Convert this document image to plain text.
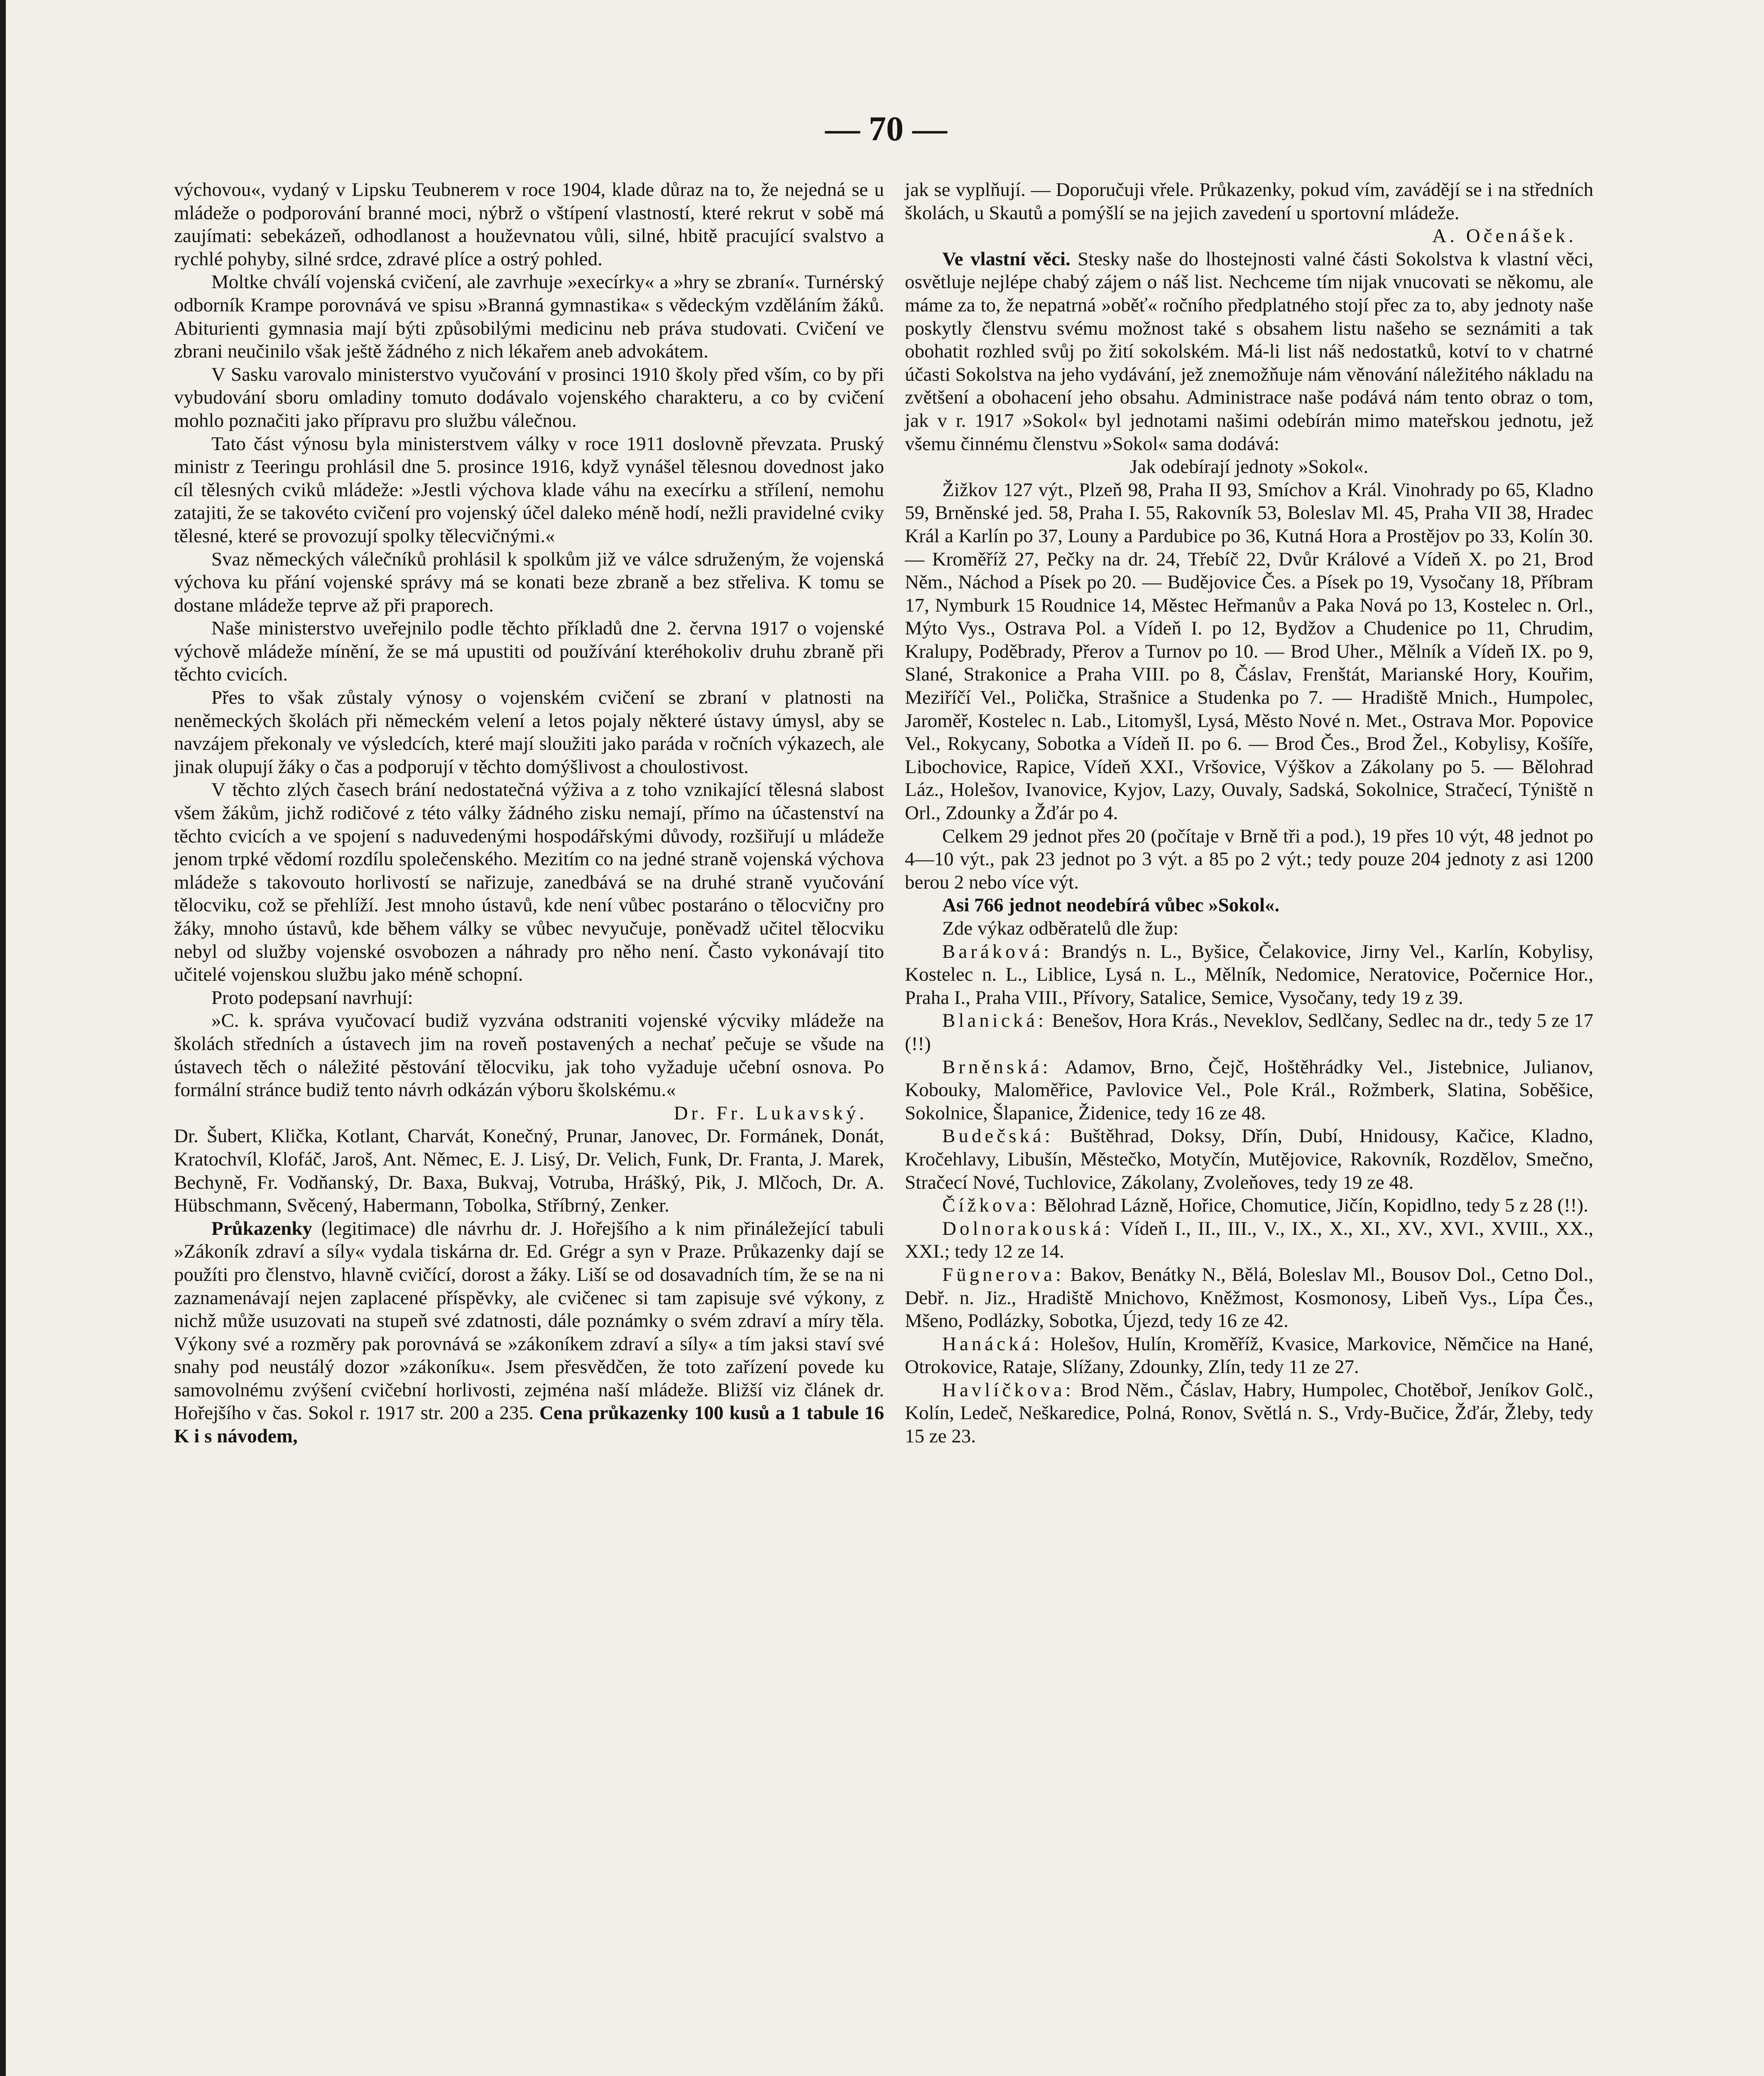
— 70 —

výchovou«, vydaný v Lipsku Teubnerem v roce 1904, klade důraz na to, že nejedná se u mládeže o podporování branné moci, nýbrž o vštípení vlastností, které rekrut v sobě má zaujímati: sebekázeň, odhodlanost a houževnatou vůli, silné, hbitě pracující svalstvo a rychlé pohyby, silné srdce, zdravé plíce a ostrý pohled.

Moltke chválí vojenská cvičení, ale zavrhuje »execírky« a »hry se zbraní«. Turnérský odborník Krampe porovnává ve spisu »Branná gymnastika« s vědeckým vzděláním žáků. Abiturienti gymnasia mají býti způsobilými medicinu neb práva studovati. Cvičení ve zbrani neučinilo však ještě žádného z nich lékařem aneb advokátem.

V Sasku varovalo ministerstvo vyučování v prosinci 1910 školy před vším, co by při vybudování sboru omladiny tomuto dodávalo vojenského charakteru, a co by cvičení mohlo poznačiti jako přípravu pro službu válečnou.

Tato část výnosu byla ministerstvem války v roce 1911 doslovně převzata. Pruský ministr z Teeringu prohlásil dne 5. prosince 1916, když vynášel tělesnou dovednost jako cíl tělesných cviků mládeže: »Jestli výchova klade váhu na execírku a střílení, nemohu zatajiti, že se takovéto cvičení pro vojenský účel daleko méně hodí, nežli pravidelné cviky tělesné, které se provozují spolky tělecvičnými.«

Svaz německých válečníků prohlásil k spolkům již ve válce sdruženým, že vojenská výchova ku přání vojenské správy má se konati beze zbraně a bez střeliva. K tomu se dostane mládeže teprve až při praporech.

Naše ministerstvo uveřejnilo podle těchto příkladů dne 2. června 1917 o vojenské výchově mládeže mínění, že se má upustiti od používání kteréhokoliv druhu zbraně při těchto cvicích.

Přes to však zůstaly výnosy o vojenském cvičení se zbraní v platnosti na neněmeckých školách při německém velení a letos pojaly některé ústavy úmysl, aby se navzájem překonaly ve výsledcích, které mají sloužiti jako paráda v ročních výkazech, ale jinak olupují žáky o čas a podporují v těchto domýšlivost a choulostivost.

V těchto zlých časech brání nedostatečná výživa a z toho vznikající tělesná slabost všem žákům, jichž rodičové z této války žádného zisku nemají, přímo na účastenství na těchto cvicích a ve spojení s naduvedenými hospodářskými důvody, rozšiřují u mládeže jenom trpké vědomí rozdílu společenského. Mezitím co na jedné straně vojenská výchova mládeže s takovouto horlivostí se nařizuje, zanedbává se na druhé straně vyučování tělocviku, což se přehlíží. Jest mnoho ústavů, kde není vůbec postaráno o tělocvičny pro žáky, mnoho ústavů, kde během války se vůbec nevyučuje, poněvadž učitel tělocviku nebyl od služby vojenské osvobozen a náhrady pro něho není. Často vykonávají tito učitelé vojenskou službu jako méně schopní.

Proto podepsaní navrhují:

»C. k. správa vyučovací budiž vyzvána odstraniti vojenské výcviky mládeže na školách středních a ústavech jim na roveň postavených a nechať pečuje se všude na ústavech těch o náležité pěstování tělocviku, jak toho vyžaduje učební osnova. Po formální stránce budiž tento návrh odkázán výboru školskému.«

Dr. Fr. Lukavský.

Dr. Šubert, Klička, Kotlant, Charvát, Konečný, Prunar, Janovec, Dr. Formánek, Donát, Kratochvíl, Klofáč, Jaroš, Ant. Němec, E. J. Lisý, Dr. Velich, Funk, Dr. Franta, J. Marek, Bechyně, Fr. Vodňanský, Dr. Baxa, Bukvaj, Votruba, Hrášký, Pik, J. Mlčoch, Dr. A. Hübschmann, Svěcený, Habermann, Tobolka, Stříbrný, Zenker.

Průkazenky (legitimace) dle návrhu dr. J. Hořejšího a k nim přináležející tabuli »Zákoník zdraví a síly« vydala tiskárna dr. Ed. Grégr a syn v Praze. Průkazenky dají se použíti pro členstvo, hlavně cvičící, dorost a žáky. Liší se od dosavadních tím, že se na ni zaznamenávají nejen zaplacené příspěvky, ale cvičenec si tam zapisuje své výkony, z nichž může usuzovati na stupeň své zdatnosti, dále poznámky o svém zdraví a míry těla. Výkony své a rozměry pak porovnává se »zákoníkem zdraví a síly« a tím jaksi staví své snahy pod neustálý dozor »zákoníku«. Jsem přesvědčen, že toto zařízení povede ku samovolnému zvýšení cvičební horlivosti, zejména naší mládeže. Bližší viz článek dr. Hořejšího v čas. Sokol r. 1917 str. 200 a 235. Cena průkazenky 100 kusů a 1 tabule 16 K i s návodem,

jak se vyplňují. — Doporučuji vřele. Průkazenky, pokud vím, zavádějí se i na středních školách, u Skautů a pomýšlí se na jejich zavedení u sportovní mládeže.

A. Očenášek.

Ve vlastní věci. Stesky naše do lhostejnosti valné části Sokolstva k vlastní věci, osvětluje nejlépe chabý zájem o náš list. Nechceme tím nijak vnucovati se někomu, ale máme za to, že nepatrná »oběť« ročního předplatného stojí přec za to, aby jednoty naše poskytly členstvu svému možnost také s obsahem listu našeho se seznámiti a tak obohatit rozhled svůj po žití sokolském. Má-li list náš nedostatků, kotví to v chatrné účasti Sokolstva na jeho vydávání, jež znemožňuje nám věnování náležitého nákladu na zvětšení a obohacení jeho obsahu. Administrace naše podává nám tento obraz o tom, jak v r. 1917 »Sokol« byl jednotami našimi odebírán mimo mateřskou jednotu, jež všemu činnému členstvu »Sokol« sama dodává:

Jak odebírají jednoty »Sokol«.

Žižkov 127 výt., Plzeň 98, Praha II 93, Smíchov a Král. Vinohrady po 65, Kladno 59, Brněnské jed. 58, Praha I. 55, Rakovník 53, Boleslav Ml. 45, Praha VII 38, Hradec Král a Karlín po 37, Louny a Pardubice po 36, Kutná Hora a Prostějov po 33, Kolín 30. — Kroměříž 27, Pečky na dr. 24, Třebíč 22, Dvůr Králové a Vídeň X. po 21, Brod Něm., Náchod a Písek po 20. — Budějovice Čes. a Písek po 19, Vysočany 18, Příbram 17, Nymburk 15 Roudnice 14, Městec Heřmanův a Paka Nová po 13, Kostelec n. Orl., Mýto Vys., Ostrava Pol. a Vídeň I. po 12, Bydžov a Chudenice po 11, Chrudim, Kralupy, Poděbrady, Přerov a Turnov po 10. — Brod Uher., Mělník a Vídeň IX. po 9, Slané, Strakonice a Praha VIII. po 8, Čáslav, Frenštát, Marianské Hory, Kouřim, Meziříčí Vel., Polička, Strašnice a Studenka po 7. — Hradiště Mnich., Humpolec, Jaroměř, Kostelec n. Lab., Litomyšl, Lysá, Město Nové n. Met., Ostrava Mor. Popovice Vel., Rokycany, Sobotka a Vídeň II. po 6. — Brod Čes., Brod Žel., Kobylisy, Košíře, Libochovice, Rapice, Vídeň XXI., Vršovice, Výškov a Zákolany po 5. — Bělohrad Láz., Holešov, Ivanovice, Kyjov, Lazy, Ouvaly, Sadská, Sokolnice, Stračecí, Týniště n Orl., Zdounky a Žďár po 4.

Celkem 29 jednot přes 20 (počítaje v Brně tři a pod.), 19 přes 10 výt, 48 jednot po 4—10 výt., pak 23 jednot po 3 výt. a 85 po 2 výt.; tedy pouze 204 jednoty z asi 1200 berou 2 nebo více výt.

Asi 766 jednot neodebírá vůbec »Sokol«.

Zde výkaz odběratelů dle žup:

Baráková: Brandýs n. L., Byšice, Čelakovice, Jirny Vel., Karlín, Kobylisy, Kostelec n. L., Liblice, Lysá n. L., Mělník, Nedomice, Neratovice, Počernice Hor., Praha I., Praha VIII., Přívory, Satalice, Semice, Vysočany, tedy 19 z 39.

Blanická: Benešov, Hora Krás., Neveklov, Sedlčany, Sedlec na dr., tedy 5 ze 17 (!!)

Brněnská: Adamov, Brno, Čejč, Hoštěhrádky Vel., Jistebnice, Julianov, Kobouky, Maloměřice, Pavlovice Vel., Pole Král., Rožmberk, Slatina, Soběšice, Sokolnice, Šlapanice, Židenice, tedy 16 ze 48.

Budečská: Buštěhrad, Doksy, Dřín, Dubí, Hnidousy, Kačice, Kladno, Kročehlavy, Libušín, Městečko, Motyčín, Mutějovice, Rakovník, Rozdělov, Smečno, Stračecí Nové, Tuchlovice, Zákolany, Zvoleňoves, tedy 19 ze 48.

Čížkova: Bělohrad Lázně, Hořice, Chomutice, Jičín, Kopidlno, tedy 5 z 28 (!!).

Dolnorakouská: Vídeň I., II., III., V., IX., X., XI., XV., XVI., XVIII., XX., XXI.; tedy 12 ze 14.

Fügnerova: Bakov, Benátky N., Bělá, Boleslav Ml., Bousov Dol., Cetno Dol., Debř. n. Jiz., Hradiště Mnichovo, Kněžmost, Kosmonosy, Libeň Vys., Lípa Čes., Mšeno, Podlázky, Sobotka, Újezd, tedy 16 ze 42.

Hanácká: Holešov, Hulín, Kroměříž, Kvasice, Markovice, Němčice na Hané, Otrokovice, Rataje, Slížany, Zdounky, Zlín, tedy 11 ze 27.

Havlíčkova: Brod Něm., Čáslav, Habry, Humpolec, Chotěboř, Jeníkov Golč., Kolín, Ledeč, Neškaredice, Polná, Ronov, Světlá n. S., Vrdy-Bučice, Žďár, Žleby, tedy 15 ze 23.
